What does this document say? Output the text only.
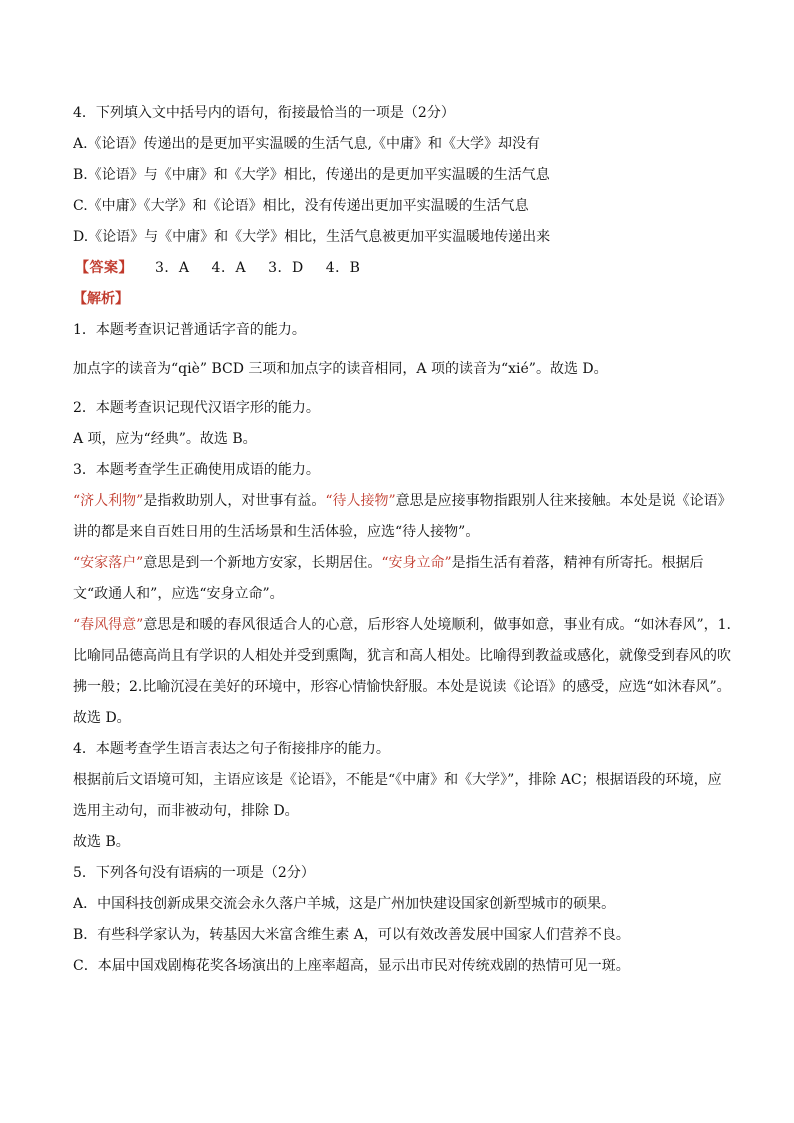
4．下列填入文中括号内的语句，衔接最恰当的一项是（2分）
A.《论语》传递出的是更加平实温暖的生活气息,《中庸》和《大学》却没有
B.《论语》与《中庸》和《大学》相比，传递出的是更加平实温暖的生活气息
C.《中庸》《大学》和《论语》相比，没有传递出更加平实温暖的生活气息
D.《论语》与《中庸》和《大学》相比，生活气息被更加平实温暖地传递出来
【答案】 3．A 4．A 3．D 4．B
【解析】
1．本题考查识记普通话字音的能力。
加点字的读音为“qiè” BCD 三项和加点字的读音相同，A 项的读音为“xié”。故选 D。
2．本题考查识记现代汉语字形的能力。
A 项，应为“经典”。故选 B。
3．本题考查学生正确使用成语的能力。
“济人利物”是指救助别人，对世事有益。“待人接物”意思是应接事物指跟别人往来接触。本处是说《论语》讲的都是来自百姓日用的生活场景和生活体验，应选“待人接物”。
“安家落户”意思是到一个新地方安家，长期居住。“安身立命”是指生活有着落，精神有所寄托。根据后文“政通人和”，应选“安身立命”。
“春风得意”意思是和暖的春风很适合人的心意，后形容人处境顺利，做事如意，事业有成。“如沐春风”，1.比喻同品德高尚且有学识的人相处并受到熏陶，犹言和高人相处。比喻得到教益或感化，就像受到春风的吹拂一般；2.比喻沉浸在美好的环境中，形容心情愉快舒服。本处是说读《论语》的感受，应选“如沐春风”。
故选 D。
4．本题考查学生语言表达之句子衔接排序的能力。
根据前后文语境可知，主语应该是《论语》，不能是“《中庸》和《大学》”，排除 AC；根据语段的环境，应选用主动句，而非被动句，排除 D。
故选 B。
5．下列各句没有语病的一项是（2分）
A．中国科技创新成果交流会永久落户羊城，这是广州加快建设国家创新型城市的硕果。
B．有些科学家认为，转基因大米富含维生素 A，可以有效改善发展中国家人们营养不良。
C．本届中国戏剧梅花奖各场演出的上座率超高，显示出市民对传统戏剧的热情可见一斑。
